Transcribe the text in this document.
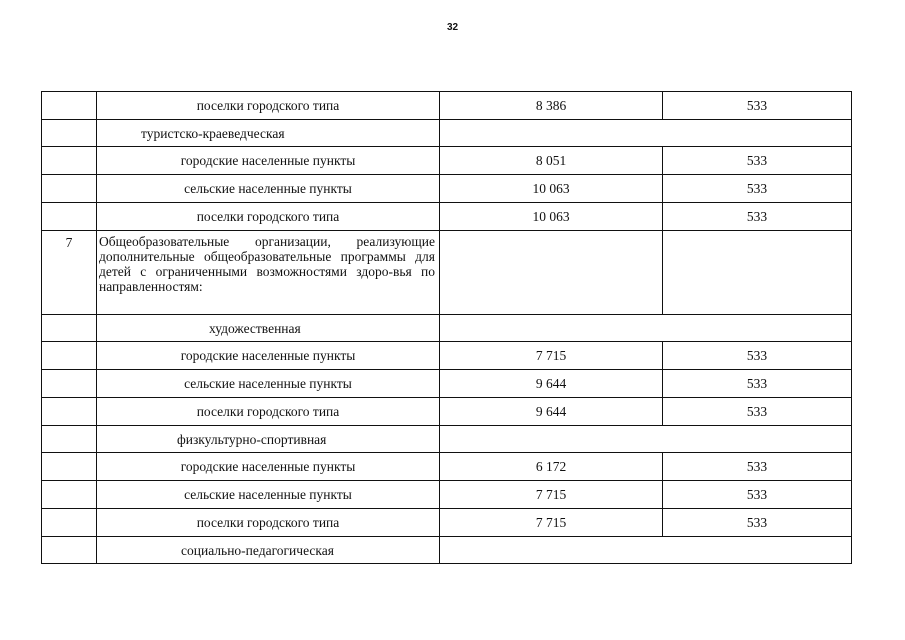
32
	поселки городского типа	8 386	533
	туристско-краеведческая		
	городские населенные пункты	8 051	533
	сельские населенные пункты	10 063	533
	поселки городского типа	10 063	533
7	Общеобразовательные организации, реализующие дополнительные общеобразовательные программы для детей с ограниченными возможностями здоро-вья по направленностям:		
	художественная		
	городские населенные пункты	7 715	533
	сельские населенные пункты	9 644	533
	поселки городского типа	9 644	533
	физкультурно-спортивная		
	городские населенные пункты	6 172	533
	сельские населенные пункты	7 715	533
	поселки городского типа	7 715	533
	социально-педагогическая		
